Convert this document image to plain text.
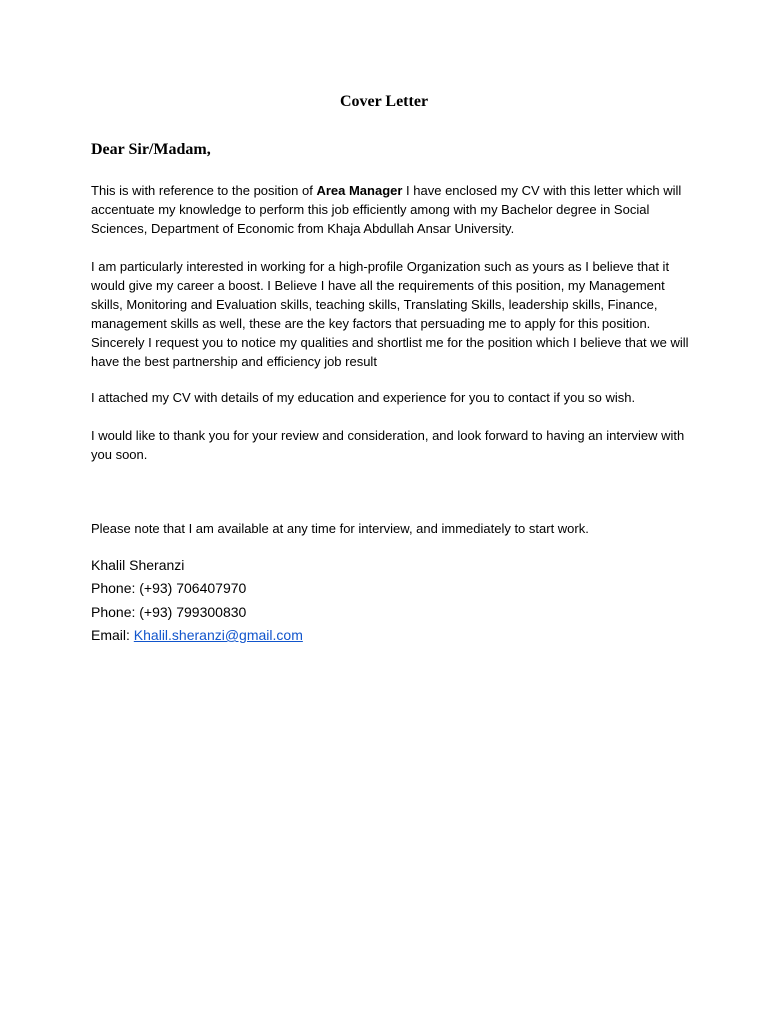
Cover Letter
Dear Sir/Madam,

This is with reference to the position of Area Manager I have enclosed my CV with this letter which will accentuate my knowledge to perform this job efficiently among with my Bachelor degree in Social Sciences, Department of Economic from Khaja Abdullah Ansar University.

I am particularly interested in working for a high-profile Organization such as yours as I believe that it would give my career a boost. I Believe I have all the requirements of this position, my Management skills, Monitoring and Evaluation skills, teaching skills, Translating Skills, leadership skills, Finance, management skills as well, these are the key factors that persuading me to apply for this position. Sincerely I request you to notice my qualities and shortlist me for the position which I believe that we will have the best partnership and efficiency job result

I attached my CV with details of my education and experience for you to contact if you so wish.

I would like to thank you for your review and consideration, and look forward to having an interview with you soon.

Please note that I am available at any time for interview, and immediately to start work.

Khalil Sheranzi
Phone: (+93) 706407970
Phone: (+93) 799300830
Email: Khalil.sheranzi@gmail.com
